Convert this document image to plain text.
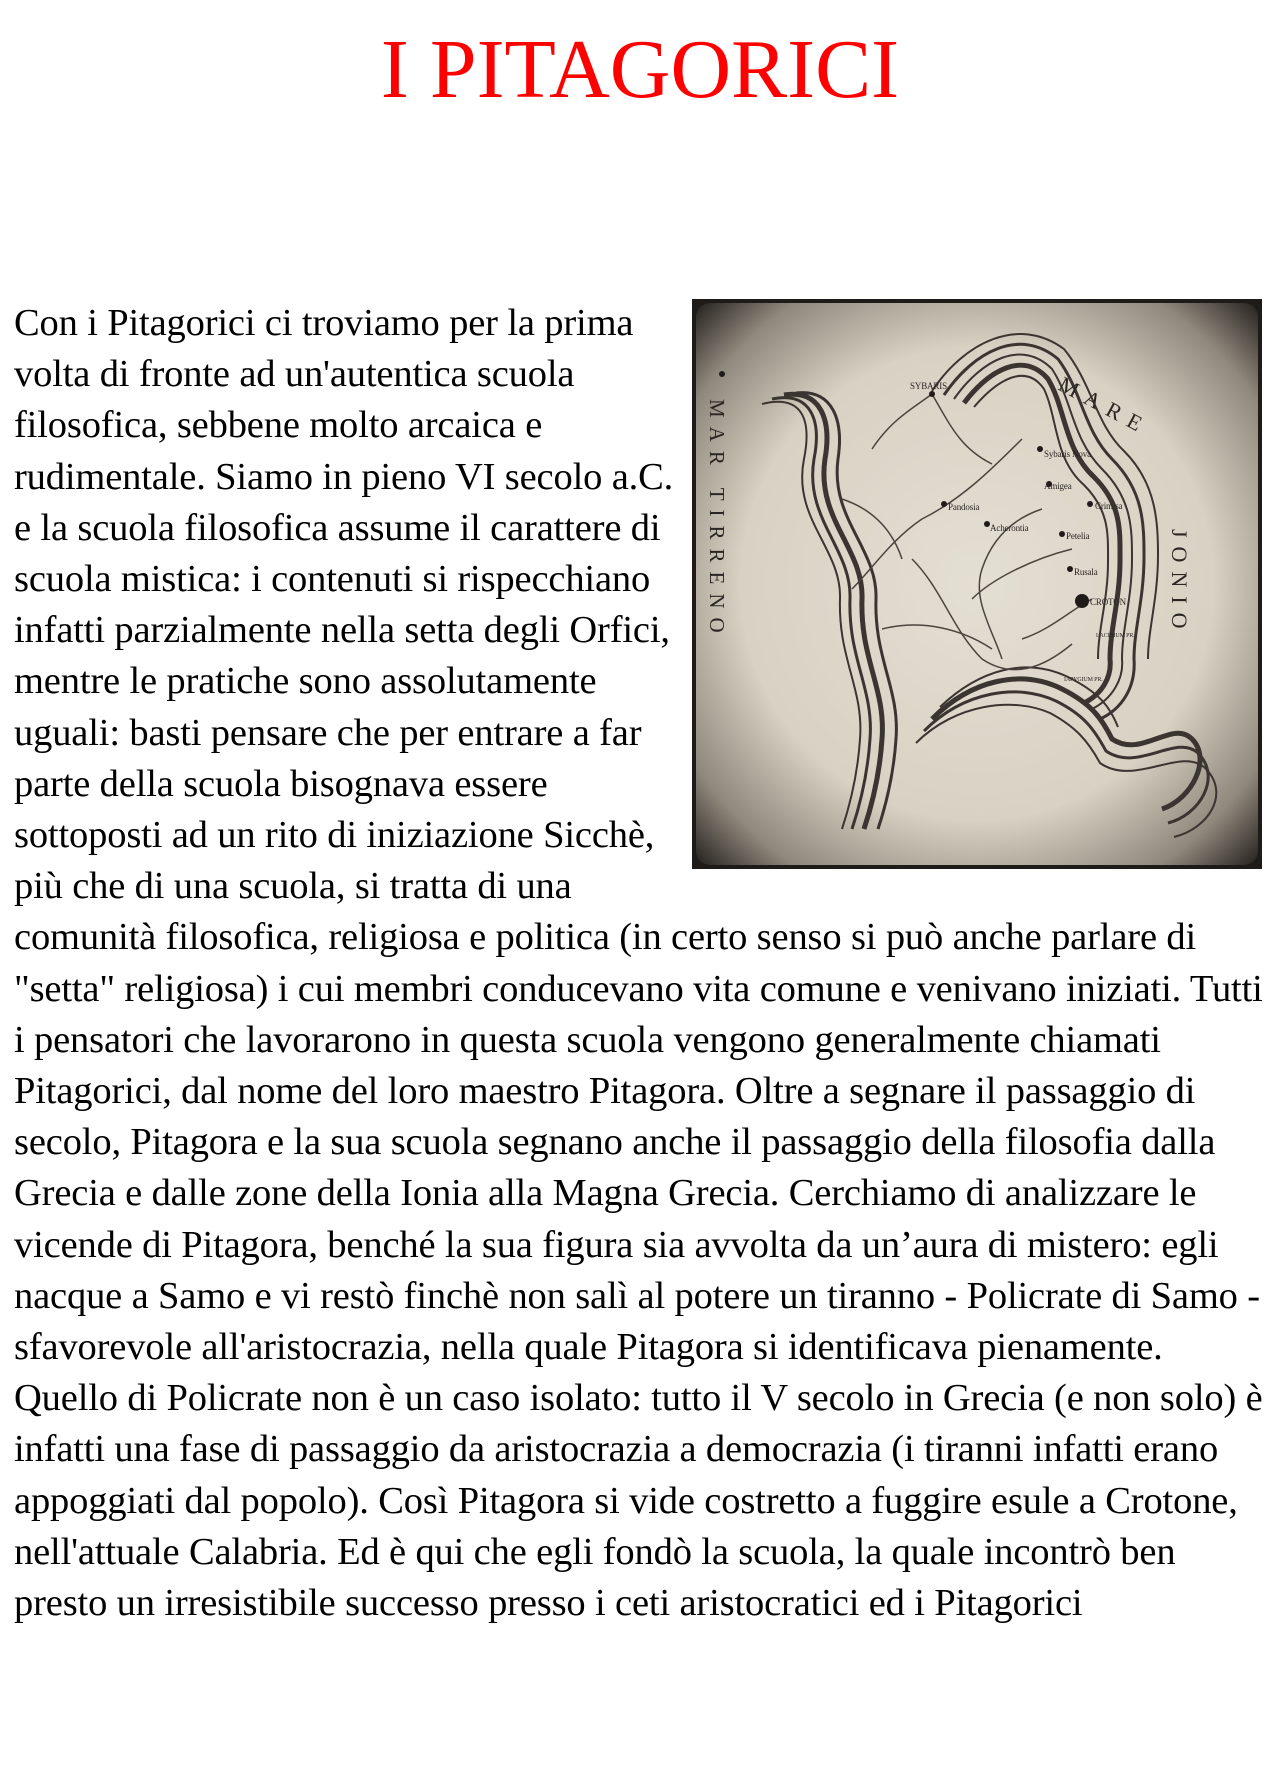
I PITAGORICI
MAR TIRRENO	MARE
JONIO
SYBARIS
Sybaris Nova
Amigea
Pandosia
Acherontia
Crimisa
Petelia
Rusala
CROTON
LACINIUM PR.
IAPYGIUM PR.
Con i Pitagorici ci troviamo per la prima volta di fronte ad un'autentica scuola filosofica, sebbene molto arcaica e rudimentale. Siamo in pieno VI secolo a.C. e la scuola filosofica assume il carattere di scuola mistica: i contenuti si rispecchiano infatti parzialmente nella setta degli Orfici, mentre le pratiche sono assolutamente uguali: basti pensare che per entrare a far parte della scuola bisognava essere sottoposti ad un rito di iniziazione Sicchè, più che di una scuola, si tratta di una comunità filosofica, religiosa e politica (in certo senso si può anche parlare di "setta" religiosa) i cui membri conducevano vita comune e venivano iniziati. Tutti i pensatori che lavorarono in questa scuola vengono generalmente chiamati Pitagorici, dal nome del loro maestro Pitagora. Oltre a segnare il passaggio di secolo, Pitagora e la sua scuola segnano anche il passaggio della filosofia dalla Grecia e dalle zone della Ionia alla Magna Grecia. Cerchiamo di analizzare le vicende di Pitagora, benché la sua figura sia avvolta da un’aura di mistero: egli nacque a Samo e vi restò finchè non salì al potere un tiranno - Policrate di Samo - sfavorevole all'aristocrazia, nella quale Pitagora si identificava pienamente. Quello di Policrate non è un caso isolato: tutto il V secolo in Grecia (e non solo) è infatti una fase di passaggio da aristocrazia a democrazia (i tiranni infatti erano appoggiati dal popolo). Così Pitagora si vide costretto a fuggire esule a Crotone, nell'attuale Calabria. Ed è qui che egli fondò la scuola, la quale incontrò ben presto un irresistibile successo presso i ceti aristocratici ed i Pitagorici
